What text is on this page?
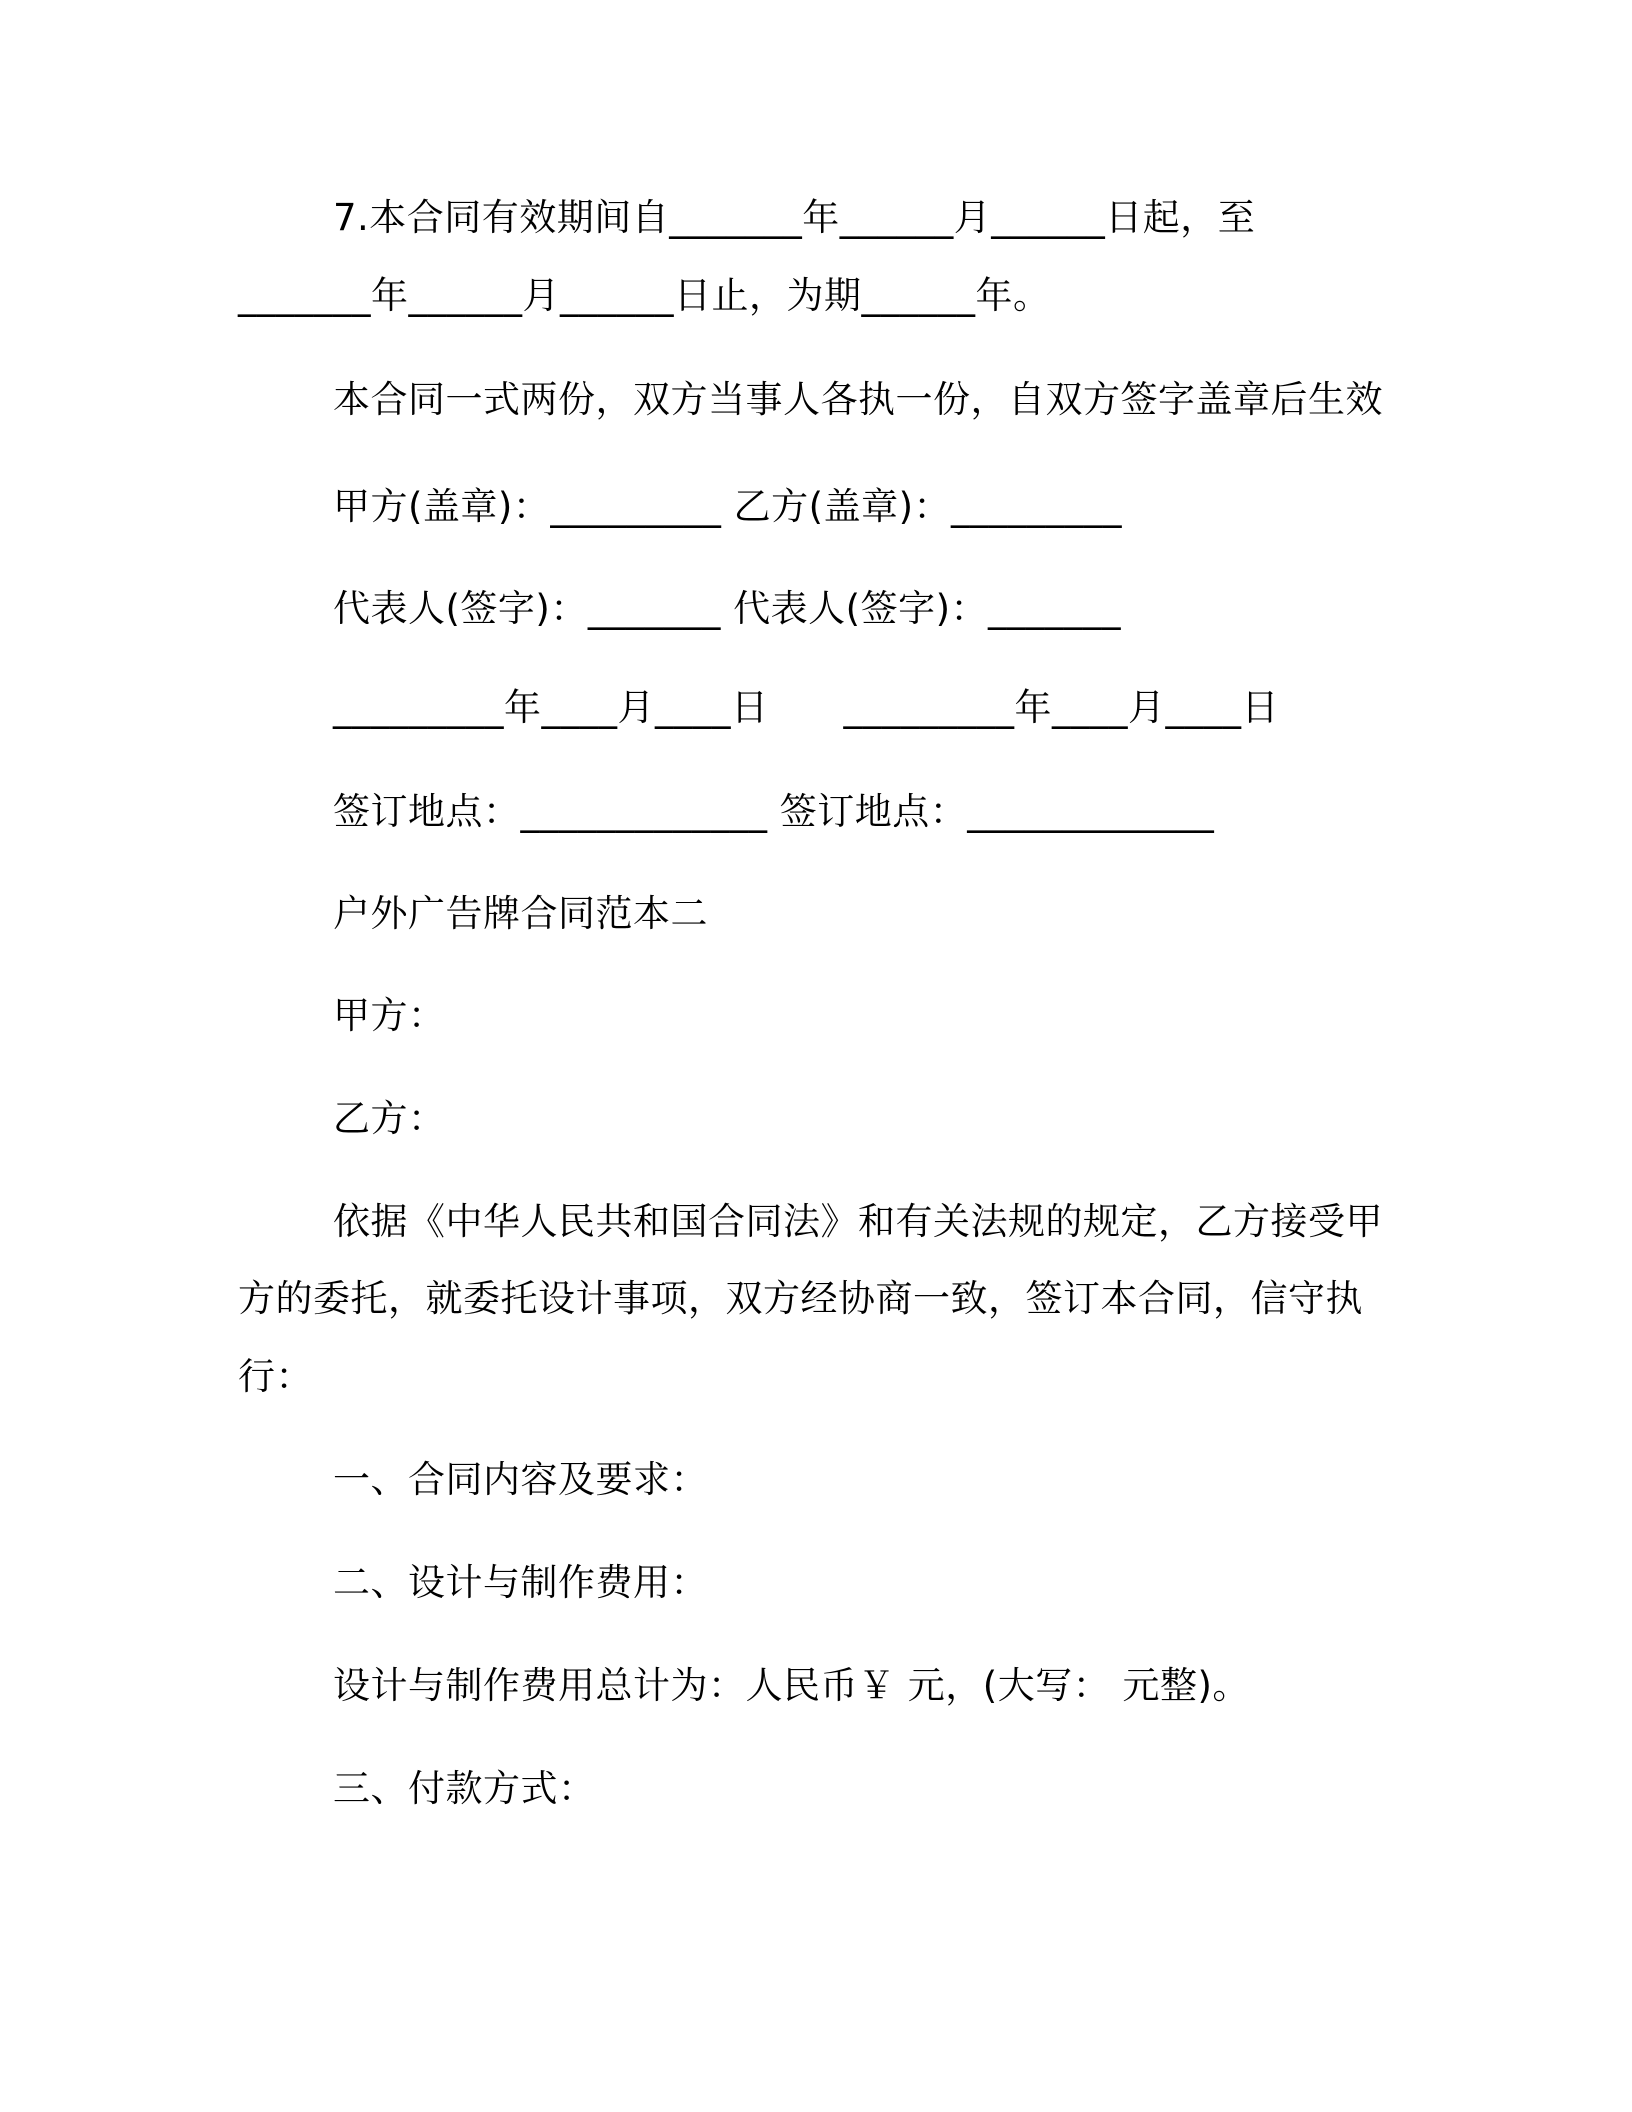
7.本合同有效期间自_______年______月______日起，至
_______年______月______日止，为期______年。
本合同一式两份，双方当事人各执一份，自双方签字盖章后生效
甲方(盖章)：_________ 乙方(盖章)：_________
代表人(签字)：_______ 代表人(签字)：_______
_________年____月____日　　_________年____月____日
签订地点：_____________ 签订地点：_____________
户外广告牌合同范本二
甲方：
乙方：
依据《中华人民共和国合同法》和有关法规的规定，乙方接受甲
方的委托，就委托设计事项，双方经协商一致，签订本合同，信守执
行：
一、合同内容及要求：
二、设计与制作费用：
设计与制作费用总计为：人民币￥ 元，(大写： 元整)。
三、付款方式：
